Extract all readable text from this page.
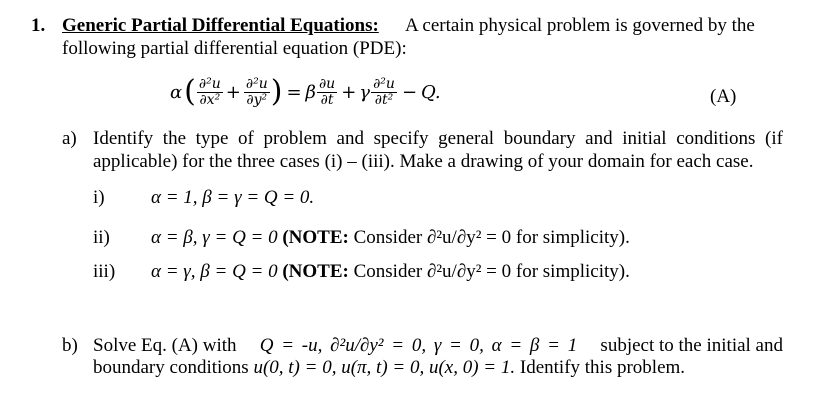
1. Generic Partial Differential Equations: A certain physical problem is governed by the
following partial differential equation (PDE):
α ( $\frac{\text{∂²u}}{\text{∂x²}} + \frac{\text{∂²u}}{\text{∂y²}}$ ) = β $\frac{\partial u}{\partial t} + \gamma \frac{\text{∂²u}}{\text{∂t²}} - Q$.	(A)
a) Identify the type of problem and specify general boundary and initial conditions (if
applicable) for the three cases (i) – (iii). Make a drawing of your domain for each case.
i) α = 1, β = γ = Q = 0.
ii) α = β, γ = Q = 0 (NOTE: Consider ∂²u/∂y² = 0 for simplicity).
iii) α = γ, β = Q = 0 (NOTE: Consider ∂²u/∂y² = 0 for simplicity).
b) Solve Eq. (A) with Q = -u, ∂²u/∂y² = 0, γ = 0, α = β = 1 subject to the initial and
boundary conditions u(0, t) = 0, u(π, t) = 0, u(x, 0) = 1. Identify this problem.
